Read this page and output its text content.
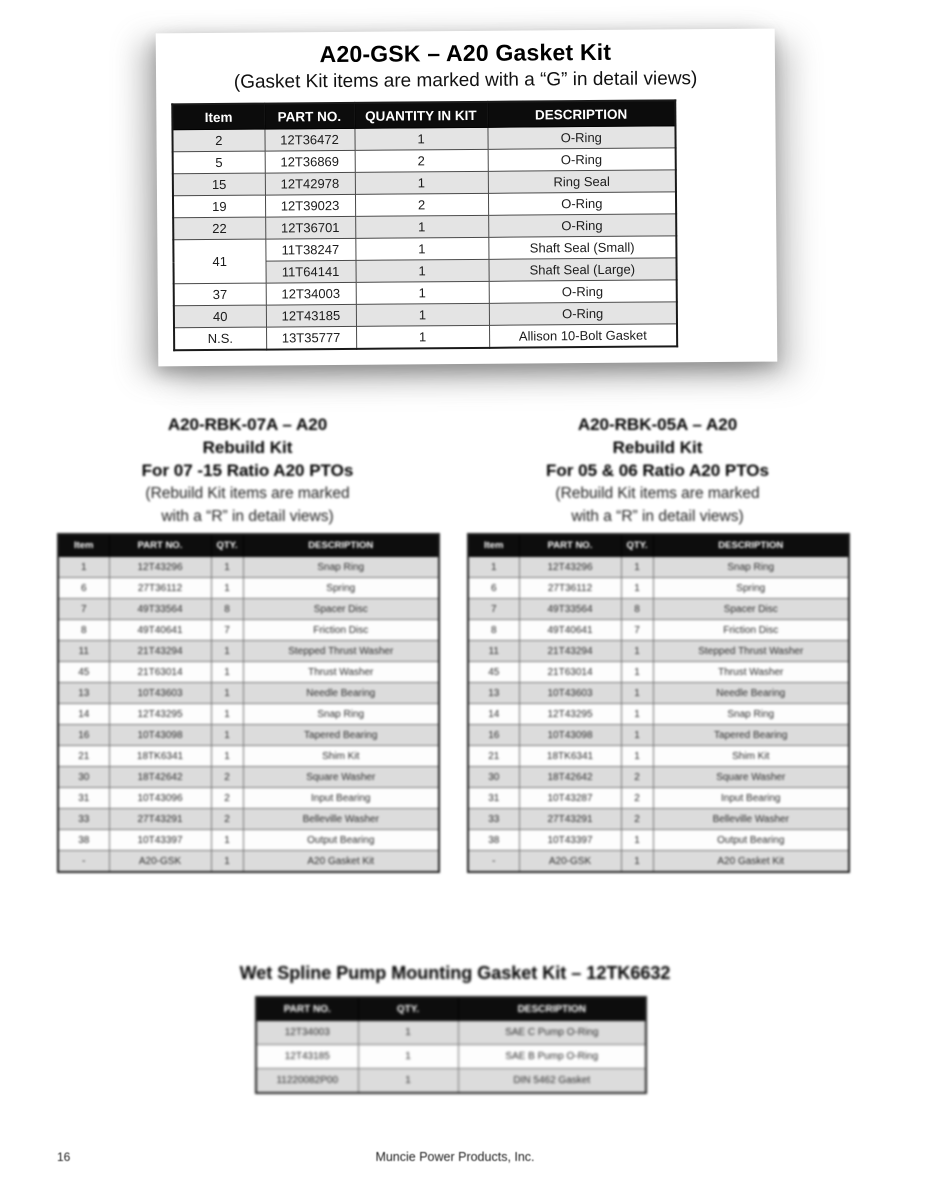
A20-GSK – A20 Gasket Kit
(Gasket Kit items are marked with a “G” in detail views)
Item	PART NO.	QUANTITY IN KIT	DESCRIPTION
2	12T36472	1	O-Ring
5	12T36869	2	O-Ring
15	12T42978	1	Ring Seal
19	12T39023	2	O-Ring
22	12T36701	1	O-Ring
41	11T38247	1	Shaft Seal (Small)
	11T64141	1	Shaft Seal (Large)
37	12T34003	1	O-Ring
40	12T43185	1	O-Ring
N.S.	13T35777	1	Allison 10-Bolt Gasket
A20-RBK-07A – A20
Rebuild Kit
For 07 -15 Ratio A20 PTOs
(Rebuild Kit items are marked
with a “R” in detail views)
Item	PART NO.	QTY.	DESCRIPTION
1	12T43296	1	Snap Ring
6	27T36112	1	Spring
7	49T33564	8	Spacer Disc
8	49T40641	7	Friction Disc
11	21T43294	1	Stepped Thrust Washer
45	21T63014	1	Thrust Washer
13	10T43603	1	Needle Bearing
14	12T43295	1	Snap Ring
16	10T43098	1	Tapered Bearing
21	18TK6341	1	Shim Kit
30	18T42642	2	Square Washer
31	10T43096	2	Input Bearing
33	27T43291	2	Belleville Washer
38	10T43397	1	Output Bearing
-	A20-GSK	1	A20 Gasket Kit
A20-RBK-05A – A20
Rebuild Kit
For 05 & 06 Ratio A20 PTOs
(Rebuild Kit items are marked
with a “R” in detail views)
Item	PART NO.	QTY.	DESCRIPTION
1	12T43296	1	Snap Ring
6	27T36112	1	Spring
7	49T33564	8	Spacer Disc
8	49T40641	7	Friction Disc
11	21T43294	1	Stepped Thrust Washer
45	21T63014	1	Thrust Washer
13	10T43603	1	Needle Bearing
14	12T43295	1	Snap Ring
16	10T43098	1	Tapered Bearing
21	18TK6341	1	Shim Kit
30	18T42642	2	Square Washer
31	10T43287	2	Input Bearing
33	27T43291	2	Belleville Washer
38	10T43397	1	Output Bearing
-	A20-GSK	1	A20 Gasket Kit
Wet Spline Pump Mounting Gasket Kit – 12TK6632
PART NO.	QTY.	DESCRIPTION
12T34003	1	SAE C Pump O-Ring
12T43185	1	SAE B Pump O-Ring
11220082P00	1	DIN 5462 Gasket
16	Muncie Power Products, Inc.
